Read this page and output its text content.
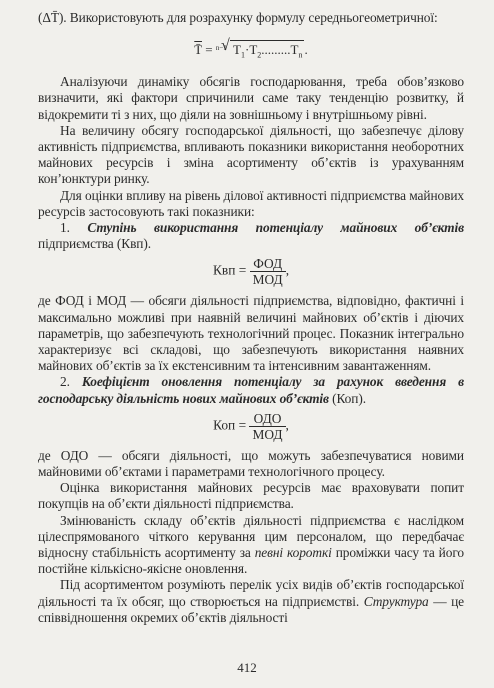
(ΔT̄). Використовують для розрахунку формулу середньогеометричної:

T̄ = $^{n-1}$ √ $T_1\cdot T_2.........T_n$ .

Аналізуючи динаміку обсягів господарювання, треба обов’язково визначити, які фактори спричинили саме таку тенденцію розвитку, й відокремити ті з них, що діяли на зовнішньому і внутрішньому рівні.

На величину обсягу господарської діяльності, що забезпечує ділову активність підприємства, впливають показники використання необоротних майнових ресурсів і зміна асортименту об’єктів із урахуванням кон’юнктури ринку.

Для оцінки впливу на рівень ділової активності підприємства майнових ресурсів застосовують такі показники:

1. Ступінь використання потенціалу майнових об’єктів підприємства (Квп).

Квп = $\frac{\text{ФОД}}{\text{МОД}}$ ,

де ФОД і МОД — обсяги діяльності підприємства, відповідно, фактичні і максимально можливі при наявній величині майнових об’єктів і діючих параметрів, що забезпечують технологічний процес. Показник інтегрально характеризує всі складові, що забезпечують використання наявних майнових об’єктів за їх екстенсивним та інтенсивним завантаженням.

2. Коефіцієнт оновлення потенціалу за рахунок введення в господарську діяльність нових майнових об’єктів (Коп).

Коп = $\frac{\text{ОДО}}{\text{МОД}}$ ,

де ОДО — обсяги діяльності, що можуть забезпечуватися новими майновими об’єктами і параметрами технологічного процесу.

Оцінка використання майнових ресурсів має враховувати попит покупців на об’єкти діяльності підприємства.

Змінюваність складу об’єктів діяльності підприємства є наслідком цілеспрямованого чіткого керування цим персоналом, що передбачає відносну стабільність асортименту за певні короткі проміжки часу та його постійне кількісно-якісне оновлення.

Під асортиментом розуміють перелік усіх видів об’єктів господарської діяльності та їх обсяг, що створюється на підприємстві. Структура — це співвідношення окремих об’єктів діяльності

412
